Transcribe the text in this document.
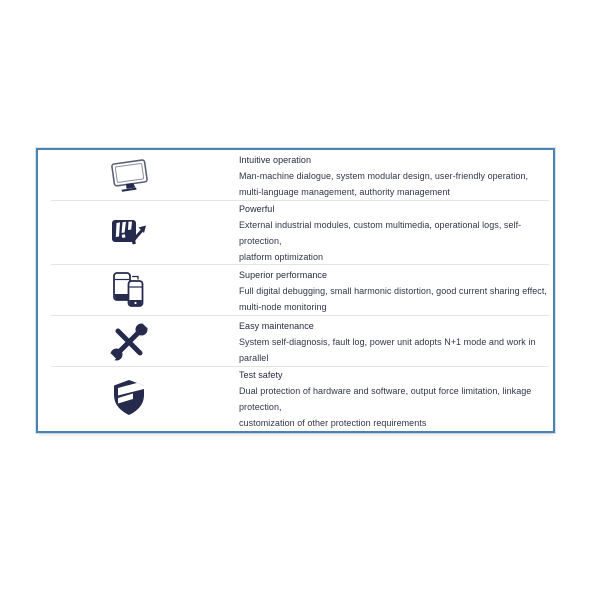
Intuitive operation
Man-machine dialogue, system modular design, user-friendly operation,
multi-language management, authority management
Powerful
External industrial modules, custom multimedia, operational logs, self-protection,
platform optimization
Superior performance
Full digital debugging, small harmonic distortion, good current sharing effect,
multi-node monitoring
Easy maintenance
System self-diagnosis, fault log, power unit adopts N+1 mode and work in parallel
Test safety
Dual protection of hardware and software, output force limitation, linkage protection,
customization of other protection requirements
